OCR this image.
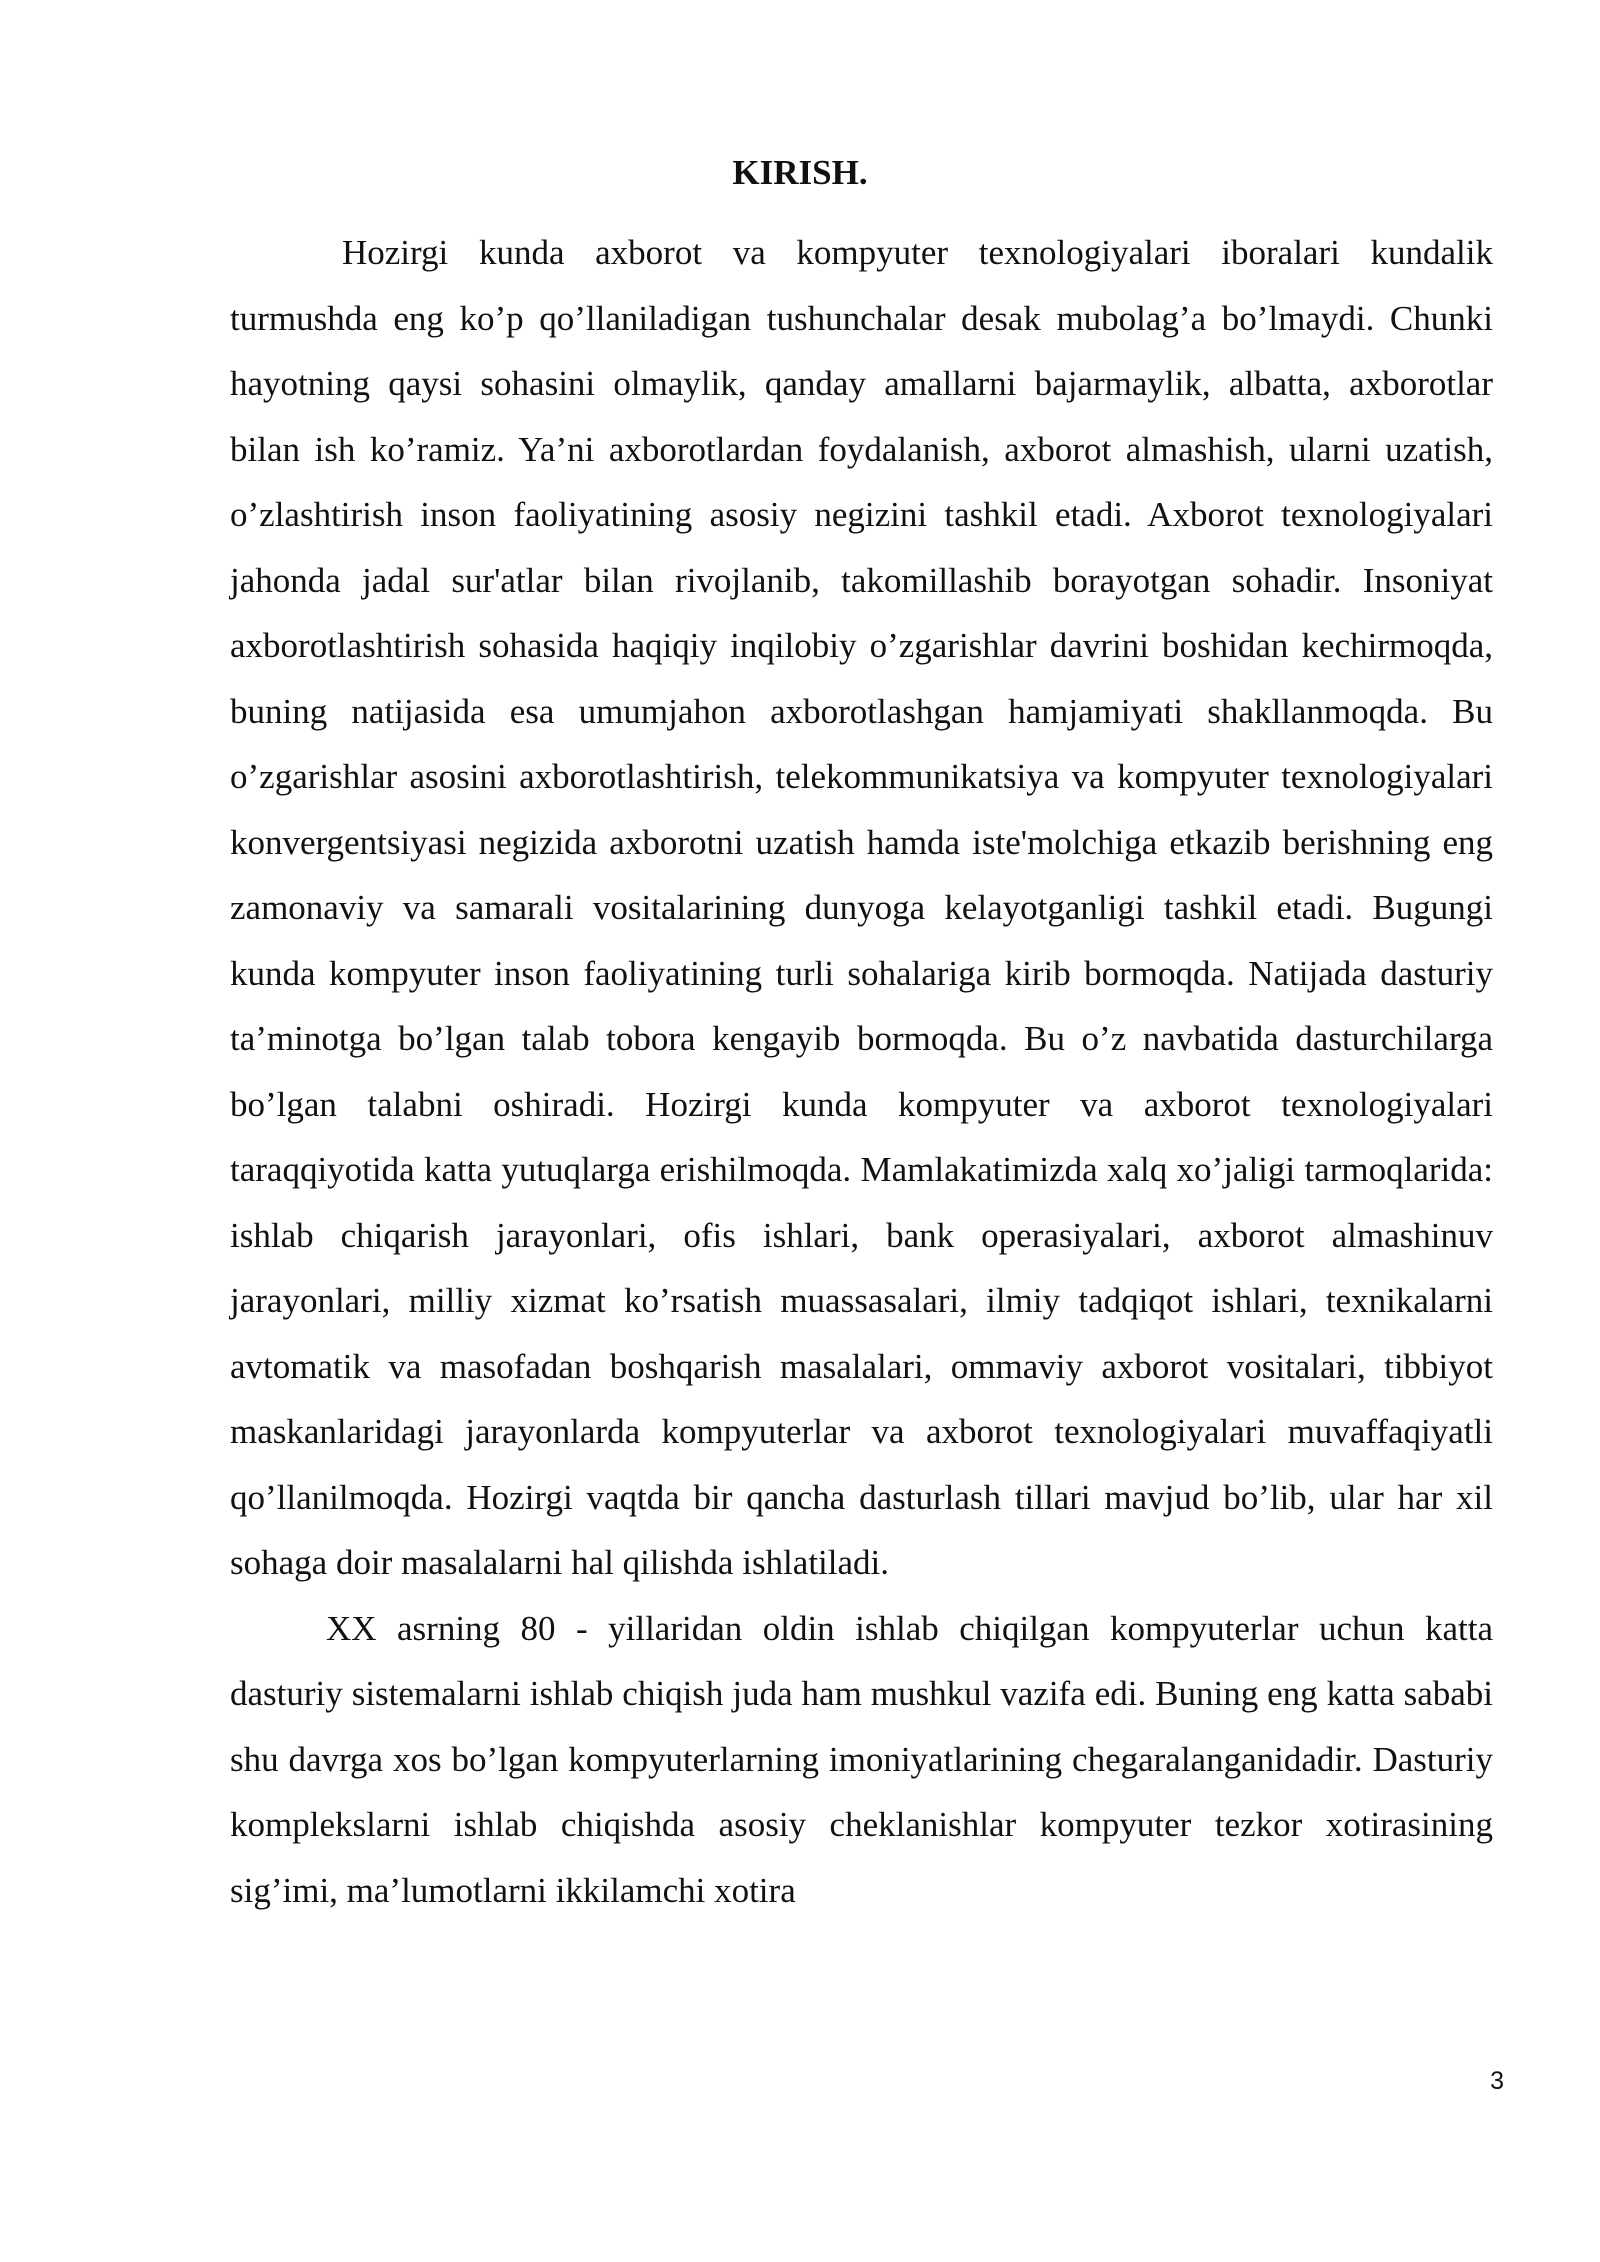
KIRISH.

Hozirgi kunda axborot va kompyuter texnologiyalari iboralari kundalik turmushda eng ko’p qo’llaniladigan tushunchalar desak mubolag’a bo’lmaydi. Chunki hayotning qaysi sohasini olmaylik, qanday amallarni bajarmaylik, albatta, axborotlar bilan ish ko’ramiz. Ya’ni axborotlardan foydalanish, axborot almashish, ularni uzatish, o’zlashtirish inson faoliyatining asosiy negizini tashkil etadi. Axborot texnologiyalari jahonda jadal sur'atlar bilan rivojlanib, takomillashib borayotgan sohadir. Insoniyat axborotlashtirish sohasida haqiqiy inqilobiy o’zgarishlar davrini boshidan kechirmoqda, buning natijasida esa umumjahon axborotlashgan hamjamiyati shakllanmoqda. Bu o’zgarishlar asosini axborotlashtirish, telekommunikatsiya va kompyuter texnologiyalari konvergentsiyasi negizida axborotni uzatish hamda iste'molchiga etkazib berishning eng zamonaviy va samarali vositalarining dunyoga kelayotganligi tashkil etadi. Bugungi kunda kompyuter inson faoliyatining turli sohalariga kirib bormoqda. Natijada dasturiy ta’minotga bo’lgan talab tobora kengayib bormoqda. Bu o’z navbatida dasturchilarga bo’lgan talabni oshiradi. Hozirgi kunda kompyuter va axborot texnologiyalari taraqqiyotida katta yutuqlarga erishilmoqda. Mamlakatimizda xalq xo’jaligi tarmoqlarida: ishlab chiqarish jarayonlari, ofis ishlari, bank operasiyalari, axborot almashinuv jarayonlari, milliy xizmat ko’rsatish muassasalari, ilmiy tadqiqot ishlari, texnikalarni avtomatik va masofadan boshqarish masalalari, ommaviy axborot vositalari, tibbiyot maskanlaridagi jarayonlarda kompyuterlar va axborot texnologiyalari muvaffaqiyatli qo’llanilmoqda. Hozirgi vaqtda bir qancha dasturlash tillari mavjud bo’lib, ular har xil sohaga doir masalalarni hal qilishda ishlatiladi.

XX asrning 80 - yillaridan oldin ishlab chiqilgan kompyuterlar uchun katta dasturiy sistemalarni ishlab chiqish juda ham mushkul vazifa edi. Buning eng katta sababi shu davrga xos bo’lgan kompyuterlarning imoniyatlarining chegaralanganidadir. Dasturiy komplekslarni ishlab chiqishda asosiy cheklanishlar kompyuter tezkor xotirasining sig’imi, ma’lumotlarni ikkilamchi xotira

3
